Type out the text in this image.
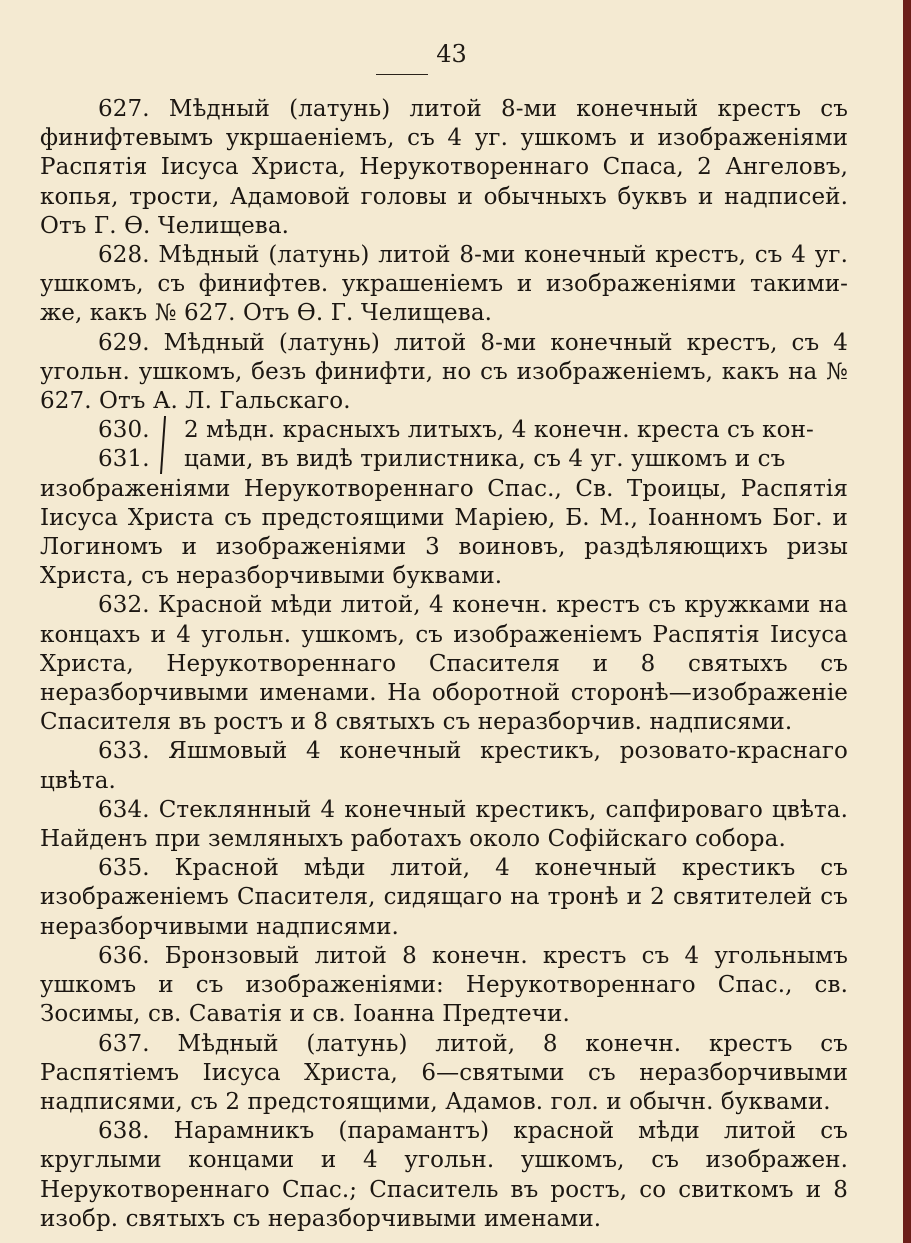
43

627. Мѣдный (латунь) литой 8-ми конечный крестъ съ финифтевымъ укршаеніемъ, съ 4 уг. ушкомъ и изображеніями Распятія Іисуса Христа, Нерукотвореннаго Спаса, 2 Ангеловъ, копья, трости, Адамовой головы и обычныхъ буквъ и надписей. Отъ Г. Ѳ. Челищева.

628. Мѣдный (латунь) литой 8-ми конечный крестъ, съ 4 уг. ушкомъ, съ финифтев. украшеніемъ и изображеніями такими-же, какъ № 627. Отъ Ѳ. Г. Челищева.

629. Мѣдный (латунь) литой 8-ми конечный крестъ, съ 4 угольн. ушкомъ, безъ финифти, но съ изображеніемъ, какъ на № 627. Отъ А. Л. Гальскаго.

630.
631.
2 мѣдн. красныхъ литыхъ, 4 конечн. креста съ кон-
цами, въ видѣ трилистника, съ 4 уг. ушкомъ и съ

изображеніями Нерукотвореннаго Спас., Св. Троицы, Распятія Іисуса Христа съ предстоящими Маріею, Б. М., Іоанномъ Бог. и Логиномъ и изображеніями 3 воиновъ, раздѣляющихъ ризы Христа, съ неразборчивыми буквами.

632. Красной мѣди литой, 4 конечн. крестъ съ кружками на концахъ и 4 угольн. ушкомъ, съ изображеніемъ Распятія Іисуса Христа, Нерукотвореннаго Спасителя и 8 святыхъ съ неразборчивыми именами. На оборотной сторонѣ—изображеніе Спасителя въ ростъ и 8 святыхъ съ неразборчив. надписями.

633. Яшмовый 4 конечный крестикъ, розовато-краснаго цвѣта.

634. Стеклянный 4 конечный крестикъ, сапфироваго цвѣта. Найденъ при земляныхъ работахъ около Софійскаго собора.

635. Красной мѣди литой, 4 конечный крестикъ съ изображеніемъ Спасителя, сидящаго на тронѣ и 2 святителей съ неразборчивыми надписями.

636. Бронзовый литой 8 конечн. крестъ съ 4 угольнымъ ушкомъ и съ изображеніями: Нерукотвореннаго Спас., св. Зосимы, св. Саватія и св. Іоанна Предтечи.

637. Мѣдный (латунь) литой, 8 конечн. крестъ съ Распятіемъ Іисуса Христа, 6—святыми съ неразборчивыми надписями, съ 2 предстоящими, Адамов. гол. и обычн. буквами.

638. Нарамникъ (парамантъ) красной мѣди литой съ круглыми концами и 4 угольн. ушкомъ, съ изображен. Нерукотвореннаго Спас.; Спаситель въ ростъ, со свиткомъ и 8 изобр. святыхъ съ неразборчивыми именами.
